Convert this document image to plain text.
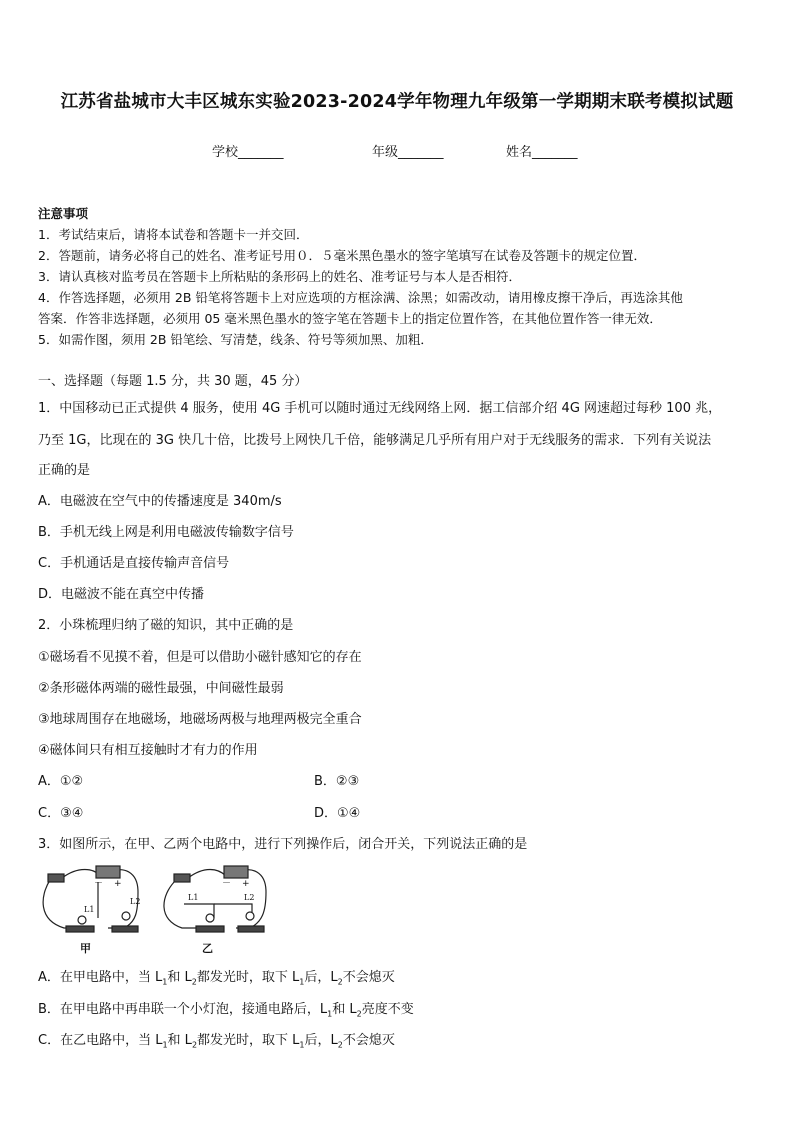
江苏省盐城市大丰区城东实验2023-2024学年物理九年级第一学期期末联考模拟试题
学校_______	年级_______	姓名_______
注意事项
1．考试结束后，请将本试卷和答题卡一并交回．
2．答题前，请务必将自己的姓名、准考证号用０．５毫米黑色墨水的签字笔填写在试卷及答题卡的规定位置．
3．请认真核对监考员在答题卡上所粘贴的条形码上的姓名、准考证号与本人是否相符．
4．作答选择题，必须用 2B 铅笔将答题卡上对应选项的方框涂满、涂黑；如需改动，请用橡皮擦干净后，再选涂其他
答案．作答非选择题，必须用 05 毫米黑色墨水的签字笔在答题卡上的指定位置作答，在其他位置作答一律无效．
5．如需作图，须用 2B 铅笔绘、写清楚，线条、符号等须加黑、加粗．
一、选择题（每题 1.5 分，共 30 题，45 分）
1．中国移动已正式提供 4 服务，使用 4G 手机可以随时通过无线网络上网．据工信部介绍 4G 网速超过每秒 100 兆，
乃至 1G，比现在的 3G 快几十倍，比拨号上网快几千倍，能够满足几乎所有用户对于无线服务的需求．下列有关说法
正确的是
A．电磁波在空气中的传播速度是 340m/s
B．手机无线上网是利用电磁波传输数字信号
C．手机通话是直接传输声音信号
D．电磁波不能在真空中传播
2．小珠梳理归纳了磁的知识，其中正确的是
①磁场看不见摸不着，但是可以借助小磁针感知它的存在
②条形磁体两端的磁性最强，中间磁性最弱
③地球周围存在地磁场，地磁场两极与地理两极完全重合
④磁体间只有相互接触时才有力的作用
A．①②	B．②③
C．③④	D．①④
3．如图所示，在甲、乙两个电路中，进行下列操作后，闭合开关，下列说法正确的是
－ +
L1
L2
甲
－ +
L1	L2
乙
A．在甲电路中，当 $L_1$和 $L_2$都发光时，取下 $L_1$后，$L_2$不会熄灭
B．在甲电路中再串联一个小灯泡，接通电路后，$L_1$和 $L_2$亮度不变
C．在乙电路中，当 $L_1$和 $L_2$都发光时，取下 $L_1$后，$L_2$不会熄灭
